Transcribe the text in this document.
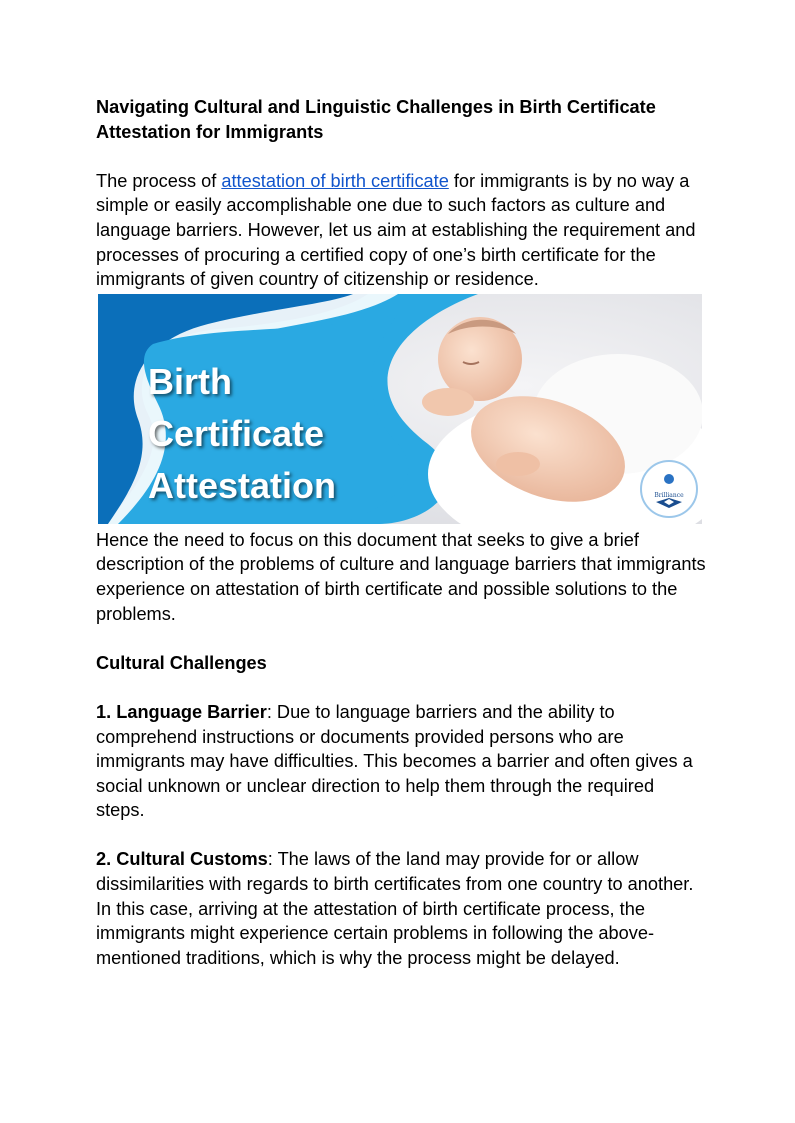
Navigating Cultural and Linguistic Challenges in Birth Certificate Attestation for Immigrants

The process of attestation of birth certificate for immigrants is by no way a simple or easily accomplishable one due to such factors as culture and language barriers. However, let us aim at establishing the requirement and processes of procuring a certified copy of one’s birth certificate for the immigrants of given country of citizenship or residence.

Birth
Certificate
Attestation	Brilliance

Hence the need to focus on this document that seeks to give a brief description of the problems of culture and language barriers that immigrants experience on attestation of birth certificate and possible solutions to the problems.

Cultural Challenges

1. Language Barrier: Due to language barriers and the ability to comprehend instructions or documents provided persons who are immigrants may have difficulties. This becomes a barrier and often gives a social unknown or unclear direction to help them through the required steps.

2. Cultural Customs: The laws of the land may provide for or allow dissimilarities with regards to birth certificates from one country to another. In this case, arriving at the attestation of birth certificate process, the immigrants might experience certain problems in following the above-mentioned traditions, which is why the process might be delayed.
